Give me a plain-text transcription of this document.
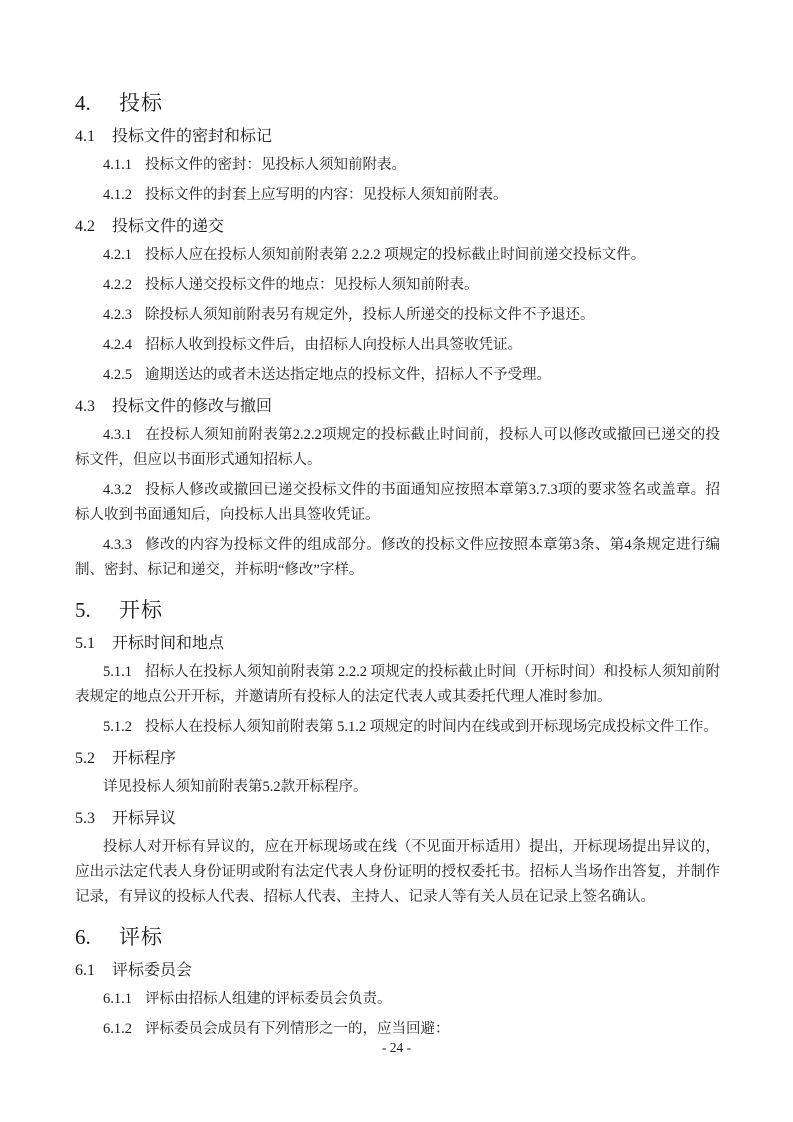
4. 投标
4.1 投标文件的密封和标记
4.1.1 投标文件的密封：见投标人须知前附表。
4.1.2 投标文件的封套上应写明的内容：见投标人须知前附表。
4.2 投标文件的递交
4.2.1 投标人应在投标人须知前附表第 2.2.2 项规定的投标截止时间前递交投标文件。
4.2.2 投标人递交投标文件的地点：见投标人须知前附表。
4.2.3 除投标人须知前附表另有规定外，投标人所递交的投标文件不予退还。
4.2.4 招标人收到投标文件后，由招标人向投标人出具签收凭证。
4.2.5 逾期送达的或者未送达指定地点的投标文件，招标人不予受理。
4.3 投标文件的修改与撤回
4.3.1 在投标人须知前附表第2.2.2项规定的投标截止时间前，投标人可以修改或撤回已递交的投标文件，但应以书面形式通知招标人。
4.3.2 投标人修改或撤回已递交投标文件的书面通知应按照本章第3.7.3项的要求签名或盖章。招标人收到书面通知后，向投标人出具签收凭证。
4.3.3 修改的内容为投标文件的组成部分。修改的投标文件应按照本章第3条、第4条规定进行编制、密封、标记和递交，并标明“修改”字样。
5. 开标
5.1 开标时间和地点
5.1.1 招标人在投标人须知前附表第 2.2.2 项规定的投标截止时间（开标时间）和投标人须知前附表规定的地点公开开标，并邀请所有投标人的法定代表人或其委托代理人准时参加。
5.1.2 投标人在投标人须知前附表第 5.1.2 项规定的时间内在线或到开标现场完成投标文件工作。
5.2 开标程序
详见投标人须知前附表第5.2款开标程序。
5.3 开标异议
投标人对开标有异议的，应在开标现场或在线（不见面开标适用）提出，开标现场提出异议的，应出示法定代表人身份证明或附有法定代表人身份证明的授权委托书。招标人当场作出答复，并制作记录，有异议的投标人代表、招标人代表、主持人、记录人等有关人员在记录上签名确认。
6. 评标
6.1 评标委员会
6.1.1 评标由招标人组建的评标委员会负责。
6.1.2 评标委员会成员有下列情形之一的，应当回避：
- 24 -
